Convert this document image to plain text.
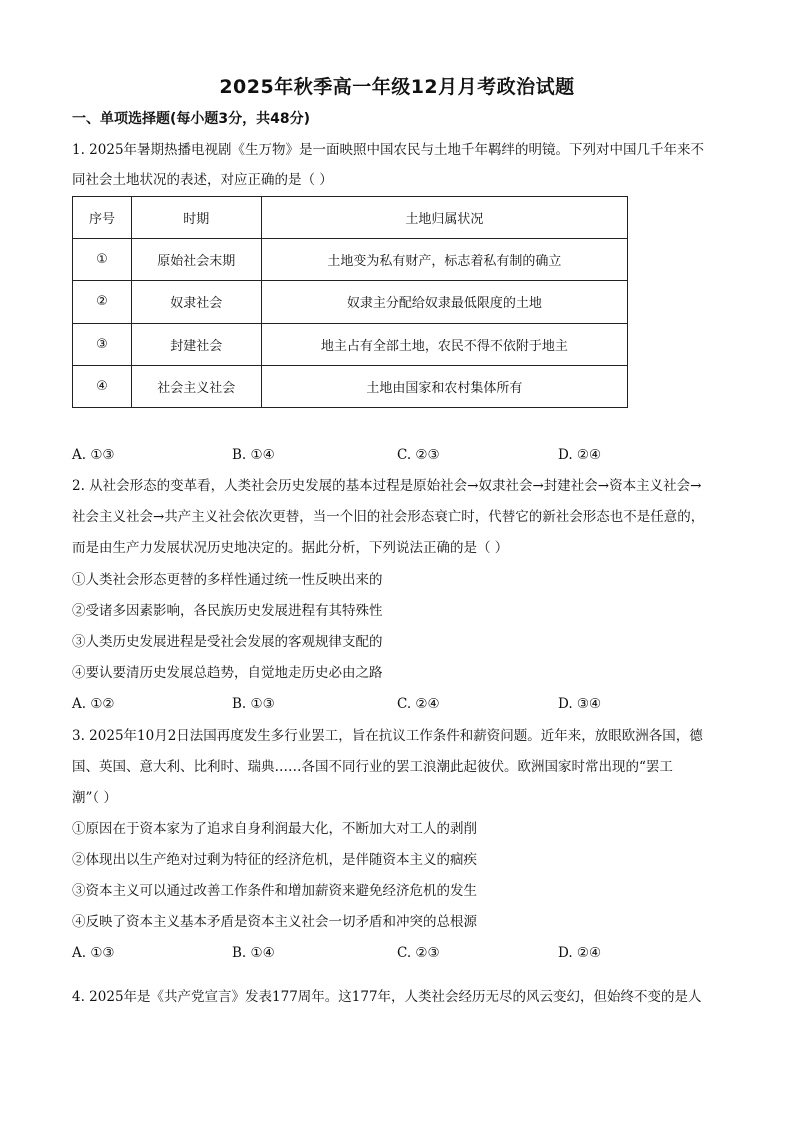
2025年秋季高一年级12月月考政治试题
一、单项选择题(每小题3分，共48分)
1. 2025年暑期热播电视剧《生万物》是一面映照中国农民与土地千年羁绊的明镜。下列对中国几千年来不
同社会土地状况的表述，对应正确的是（ ）
序号	时期	土地归属状况
①	原始社会末期	土地变为私有财产，标志着私有制的确立
②	奴隶社会	奴隶主分配给奴隶最低限度的土地
③	封建社会	地主占有全部土地，农民不得不依附于地主
④	社会主义社会	土地由国家和农村集体所有
A. ①③	B. ①④	C. ②③	D. ②④
2. 从社会形态的变革看，人类社会历史发展的基本过程是原始社会→奴隶社会→封建社会→资本主义社会→
社会主义社会→共产主义社会依次更替，当一个旧的社会形态衰亡时，代替它的新社会形态也不是任意的，
而是由生产力发展状况历史地决定的。据此分析，下列说法正确的是（ ）
①人类社会形态更替的多样性通过统一性反映出来的
②受诸多因素影响，各民族历史发展进程有其特殊性
③人类历史发展进程是受社会发展的客观规律支配的
④要认要清历史发展总趋势，自觉地走历史必由之路
A. ①②	B. ①③	C. ②④	D. ③④
3. 2025年10月2日法国再度发生多行业罢工，旨在抗议工作条件和薪资问题。近年来，放眼欧洲各国，德
国、英国、意大利、比利时、瑞典……各国不同行业的罢工浪潮此起彼伏。欧洲国家时常出现的“罢工
潮”（ ）
①原因在于资本家为了追求自身利润最大化，不断加大对工人的剥削
②体现出以生产绝对过剩为特征的经济危机，是伴随资本主义的痼疾
③资本主义可以通过改善工作条件和增加薪资来避免经济危机的发生
④反映了资本主义基本矛盾是资本主义社会一切矛盾和冲突的总根源
A. ①③	B. ①④	C. ②③	D. ②④
4. 2025年是《共产党宣言》发表177周年。这177年，人类社会经历无尽的风云变幻，但始终不变的是人
